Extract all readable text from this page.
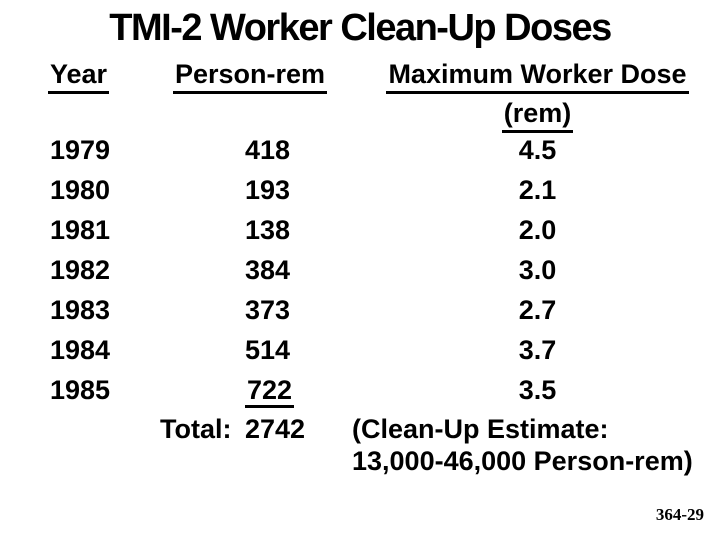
TMI-2 Worker Clean-Up Doses
Year	Person-rem Maximum Worker Dose
(rem)
1979	418	4.5
1980	193	2.1
1981	138	2.0
1982	384	3.0
1983	373	2.7
1984	514	3.7
1985	722	3.5
Total: 2742 (Clean-Up Estimate:
13,000-46,000 Person-rem)
364-29
